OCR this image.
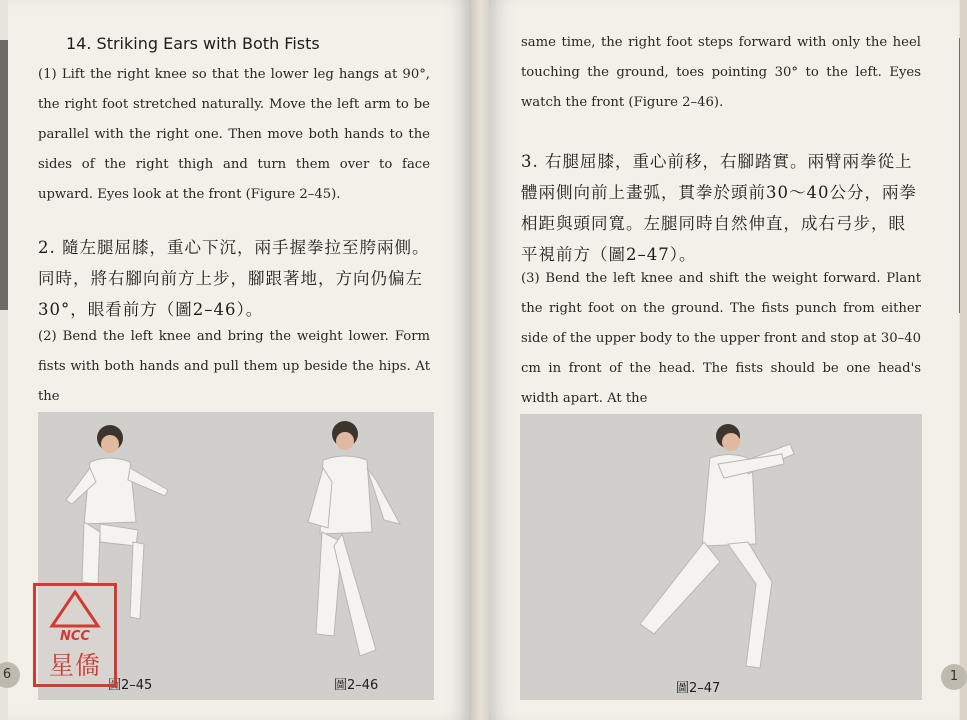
14. Striking Ears with Both Fists
(1) Lift the right knee so that the lower leg hangs at 90°, the right foot stretched naturally. Move the left arm to be parallel with the right one. Then move both hands to the sides of the right thigh and turn them over to face upward. Eyes look at the front (Figure 2–45).
2. 隨左腿屈膝，重心下沉，兩手握拳拉至胯兩側。同時，將右腳向前方上步，腳跟著地，方向仍偏左30°，眼看前方（圖2–46）。
(2) Bend the left knee and bring the weight lower. Form fists with both hands and pull them up beside the hips. At the
圖2–45	圖2–46
6
same time, the right foot steps forward with only the heel touching the ground, toes pointing 30° to the left. Eyes watch the front (Figure 2–46).
3. 右腿屈膝，重心前移，右腳踏實。兩臂兩拳從上體兩側向前上畫弧，貫拳於頭前30～40公分，兩拳相距與頭同寬。左腿同時自然伸直，成右弓步，眼平視前方（圖2–47）。
(3) Bend the left knee and shift the weight forward. Plant the right foot on the ground. The fists punch from either side of the upper body to the upper front and stop at 30–40 cm in front of the head. The fists should be one head's width apart. At the
圖2–47
1
NCC
星僑
